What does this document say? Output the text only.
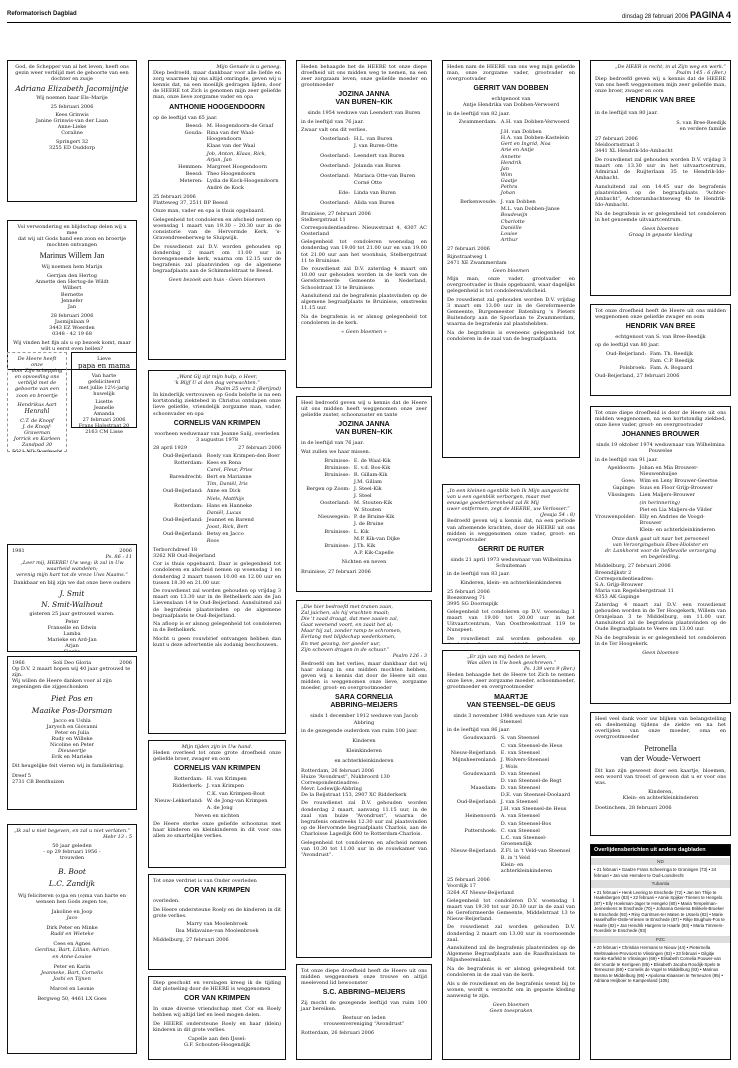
Reformatorisch Dagblad	dinsdag 28 februari 2006 PAGINA 4
God, de Schepper van al het leven, heeft ons
gezin weer verblijd met de geboorte van een
dochter en zusje
Adriana Elizabeth Jacomijntje
Wij noemen haar Els–Marije
25 februari 2006
Kees Grinwis
Janine Grinwis-van der Laan
Anne-Lieke
Coraline
Springert 32
3255 ED Ouddorp
Vol verwondering en blijdschap delen wij u mee
dat wij uit Gods hand een zoon en broertje
mochten ontvangen
Marinus Willem Jan
Wij noemen hem Marijn
Gerrjan den Hertog
Annette den Hertog-de Wildt
Wilbert
Bernette
Jennefer
Jan
28 februari 2006
Jasmijnlaan 9
3443 EZ Woerden
0348 - 42 19 68
Wij vinden het fijn als u op bezoek komt, maar
wilt u eerst even bellen?
De Heere heeft onze
door Zijn schepping
en opvoeding ons
verblijd met de
geboorte van een
zoon en broertje
Hendrikus Aart
Henrahl
C.T. de Knopf
J. de Knopf-Graveman
Jorrick en Karleen
Zandpad 30
5621 ND Dordrecht
Lieve
papa en mama
Van harte gefeliciteerd
met jullie 12½-jarig
huwelijk
Lisette
Jeanelle
Amanda
27 februari 2006
Frans Halsstraat 20
2163 CM Lisse
1981	2006
Ps. 86 : 11
„Leer mij, HEERE! Uw weg; ik zal in Uw
waarheid wandelen;
verenig mijn hart tot de vreze Uws Naams.”
Dankbaar en blij zijn we dat onze lieve ouders
J. Smit
N. Smit-Walhout
gisteren 25 jaar getrouwd waren.
Peter
Franselle en Edwin
Lamba
Marieke en Ard-Jan
Arjan
1966	Soli Deo Gloria	2006
Op D.V. 2 maart hopen wij 40 jaar getrouwd te
zijn.
Wij willen de Heere danken voor al zijn
zegeningen die zijgeschonken
Piet Pos en
Maaike Pos-Dorsman
Jacco en Ushla
Jaryoch en Giovanni
Peter en Julia
Rudy en Willeke
Nicoline en Peter
Dieuwertje
Erik en Marieke
Dit heugelijke feit vieren wij in familiekring.
Dreef 5
2731 CB Benthuizen
„Ik zal u niet begeven, en zal u niet verlaten.”
Hebr 13 : 5
50 jaar geleden
- op 29 februari 1956 -
trouwden
B. Boot
L.C. Zandijk
Wij feliciteren (o)pa en (o)ma van harte en
wensen hen Gods zegen toe,
Jakoline en Joop
Jaco
Dirk Peter en Minke
Rudd en Wieteke
Cees en Agnes
Gerdina, Bart, Lillian, Adrian
en Anne-Louise
Peter en Karin
Jeanneke, Bart, Cornelis
Joshi en Tijnen
Marcel en Leonie
Bergweg 50, 4461 LX Goes
Mijn Genade is u genoeg.

Diep bedroefd, maar dankbaar voor alle liefde en zorg waarmee hij ons altijd omringde, geven wij u kennis dat, na een moeilijk gedragen lijden, door de HEERE tot Zich is genomen mijn zeer geliefde man, onze lieve zorgzame vader en opa

ANTHONIE HOOGENDOORN

op de leeftijd van 65 jaar.

Beesd: M. Hoogendoorn-de Graaf
Gouda: Rina van der Waal-Hoogendoorn
Klaas van der Waal
Job, Anton, Klaas, Rick, Arjan, Jan
Hemmen: Margreet Hoogendoorn
Beesd: Theo Hoogendoorn
Meteren: Lydia de Kock-Hoogendoorn
André de Kock
25 februari 2006
Platteweg 37, 2511 BP Beesd

Onze man, vader en opa is thuis opgebaard.

Gelegenheid tot condoleren en afscheid nemen op woensdag 1 maart van 19.30 – 20.30 uur in de consistorie van de Hervormde Kerk, 's-Gravendreeeberweg te Sluipwijk.

De rouwdienst zal D.V. worden gehouden op donderdag 2 maart om 11.00 uur in bovengenoemde kerk, waarna om 12.15 uur de begrafenis zal plaatsvinden op de algemene begraafplaats aan de Schimmelstraat te Beesd.

Geen bezoek aan huis - Geen bloemen
„Want Gij zijt mijn hulp, o Heer,
'k Blijf U al den dag verwachten.”
Psalm 25 vers 2 (Berijmd)

In kinderlijk vertrouwen op Gods belofte is na een kortstondig ziektebed in Christus ontslapen onze lieve geliefde, vriendelijk zorgzame man, vader, schoonvader en opa

CORNELIS VAN KRIMPEN
voorheen weduwnaar van Jeanne Salij, overleden 3 augustus 1978
28 april 1929	27 februari 2006
Oud-Beijerland: Roely van Krimpen-den Boer
Rotterdam: Kees en Rena
Carel, Fleur, Priss
Barendrecht: Bert en Marianne
Tim, Daniël, Iris
Oud-Beijerland: Anne en Dick
Niels, Matthijs
Rotterdam: Hans en Hanneke
Daniël, Lucas
Oud-Beijerland: Jeannet en Barend
Joost, Rick, Bert
Oud-Beijerland: Betsy en Jacco
Roos
Terborchdreef 18
3262 NB Oud-Beijerland

Cor is thuis opgebaard. Daar is gelegenheid tot condoleren en afscheid nemen op woensdag 1 en donderdag 2 maart tussen 10.00 en 12.00 uur en tussen 18.30 en 21.00 uur.

De rouwdienst zal worden gehouden op vrijdag 3 maart om 13.30 uur in de Bethelkerk aan de Jan Lievenslaan 14 te Oud-Beijerland. Aansluitend zal de begrafenis plaatsvinden op de algemene begraafplaats te Oud-Beijerland.

Na afloop is er alsnog gelegenheid tot condoleren in de Bethelkerk.

Mocht u geen rouwbrief ontvangen hebben dan kunt u deze advertentie als zodanig beschouwen.

Mijn tijden zijn in Uw hand.

Heden overleed tot onze grote droefheid onze geliefde broer, zwager en oom

CORNELIS VAN KRIMPEN
Rotterdam: H. van Krimpen
Ridderkerk: J. van Krimpen
C.K. van Krimpen-Bout
Nieuw-Lekkerland: W. de Jong-van Krimpen
A. de Jong
Neven en nichten

De Heere sterke onze geliefde schoonzus met haar kinderen en kleinkinderen in dit voor ons allen zo smartelijke verlies.

Tot onze verdriet is van Onder overleden

COR VAN KRIMPEN

overleden.

De Heere ondersteune Roely en de kinderen in dit grote verlies.

Marry van Moolenbroek
Ilsa Midavaine-van Moolenbroek
Middelburg, 27 februari 2006

Diep geschokt en verslagen kreeg ik de tijding dat plotseling door de HEERE is weggenomen

COR VAN KRIMPEN

In onze diverse vriendschap met Cor en Roely hebben wij altijd lief en leed mogen delen.

De HEERE ondersteune Roely en haar (klein) kinderen in dit grote verlies.

Capelle aan den IJssel:
G.F. Schouten-Hoogendijk

Heden behaagde het de HEERE tot onze diepe droefheid uit ons midden weg te nemen, na een zeer zorgzaam leven, onze geliefde moeder en grootmoeder

JOZINA JANNA
VAN BUREN–KIK
sinds 1954 weduwe van Leendert van Buren

in de leeftijd van 76 jaar.

Zwaar valt ons dit verlies.

Oosterland: H.L. van Buren
J. van Buren-Otte
Oosterland: Leendert van Buren
Oosterland: Jolanda van Buren
Oosterland: Mariaca Otte-van Buren
Corné Otte
Ede: Linda van Buren
Oosterland: Alida van Buren
Bruinisse, 27 februari 2006
Stelbergstraat 11

Correspondentieadres: Nieuwstraat 4, 4307 AC Oosterland

Gelegenheid tot condoleren woensdag en donderdag van 19.00 tot 21.00 uur en van 19.00 tot 21.00 uur aan het woonhuis, Stelbergstraat 11 te Bruinisse.

De rouwdienst zal D.V. zaterdag 4 maart om 10.00 uur gehouden worden in de kerk van de Gereformeerde Gemeente in Nederland, Schoolstraat 13 te Bruinisse.

Aansluitend zal de begrafenis plaatsvinden op de algemene begraafplaats te Bruinisse, omstreeks 11.15 uur.

Na de begrafenis is er alsnog gelegenheid tot condoleren in de kerk.

« Geen bloemen »

Heel bedroefd geven wij u kennis dat de Heere uit ons midden heeft weggenomen onze zeer geliefde zuster, schoonzuster en tante

JOZINA JANNA
VAN BUREN–KIK

in de leeftijd van 76 jaar.

Wat zullen we haar missen.

Bruinisse: E. de Waal-Kik
Bruinisse: E. v.d. Bos-Kik
Bruinisse: R. Gillam-Kik
J.M. Gillam
Bergen op Zoom: J. Steel-Kik
J. Steel
Oosterland: M. Stouten-Kik
W. Stouten
Nieuwegein: P. de Bruine-Kik
J. de Bruine
Bruinisse: L. Kik
M.P. Kik-van Dijke
Bruinisse: J.Th. Kik
A.P. Kik-Capelle
Nichten en neven
Bruinisse, 27 februari 2006
„Die hier bedroefd met tranen zaan,
Zal juichen, als hij vruchten maait;
Die 't zaad draagt, dat mee zaaien zal,
Gaat weenend voort, en zaait het al;
Maar hij zal, zonder ramp te schromen,
Eerlang met blijdschap wederkomen,
En met gezang, ter goeder uur,
Zijn schoven dragen in de schuur.”
Psalm 126 : 3

Bedroefd om het verlies, maar dankbaar dat wij haar zolang in ons midden mochten hebben, geven wij u kennis dat door de Heere uit ons midden is weggenomen onze lieve, zorgzame moeder, groot- en overgrootmoeder

SARA CORNELIA
ABBRING–MEIJERS
sinds 1 december 1912 weduwe van Jacob Abbring

in de gezegende ouderdom van ruim 100 jaar.

Kinderen
Kleinkinderen
en achterkleinkinderen
Rotterdam, 26 februari 2006
Huize “Avondrust”, Nukbroord 130
Correspondentieadres:
Mevr. Lodewijk-Abbring
De la Reijstraat 153, 2907 XC Ridderkerk

De rouwdienst zal D.V. gehouden worden donderdag 2 maart, aanvang 11.15 uur, in de zaal van huize “Avondrust”, waarna de begrafenis omstreeks 12.30 uur zal plaatsvinden op de Hervormde begraafplaats Charlois, aan de Charloisse Lagedijk 600 te Rotterdam-Charlois.

Gelegenheid tot condoleren en afscheid nemen van 10.30 tot 11.00 uur in de rouwkamer van “Avondrust”.

Tot onze diepe droefheid heeft de Heere uit ons midden weggenomen onze trouwe en altijd meelevend lid bewoonster

S.C. ABBRING–MEIJERS

Zij mocht de gezegende leeftijd van ruim 100 jaar bereiken.

Bestuur en leden
vrouwenvereniging “Avondrust”
Rotterdam, 26 februari 2006

Heden nam de HEERE van ons weg mijn geliefde man, onze zorgzame vader, grootvader en overgrootvader

GERRIT VAN DOBBEN
echtgenoot van
Antje Hendrika van Dobben-Verwoerd

in de leeftijd van 82 jaar.

Zwammerdam: A.H. van Dobben-Verwoerd
J.H. van Dobben
H.A. van Dobben-Kastelein
Gert en Ingrid, Noa
Arie en Antje
Annette
Hendrik
Jan
Wim
Gaatje
Pethra
Johan
Berkenwoude: J. van Dobben
M.L. van Dobben-Janse
Boudewijn
Charlotte
Daniëlle
Louise
Arthur
27 februari 2006
Rijnstraatweg 1
2471 XE Zwammerdam
Geen bloemen

Mijn man, onze vader, grootvader en overgrootvader is thuis opgebaard, waar dagelijks gelegenheid is tot condoleren/afscheid.

De rouwdienst zal gehouden worden D.V. vrijdag 3 maart om 13.00 uur in de Gereformeerde Gemeente, Burgemeester Batenburg 's Pieters Buitendorp aan de Spoorlaan te Zwammerdam, waarna de begrafenis zal plaatshebben.

Na de begrafenis is eveneens gelegenheid tot condoleren in de zaal van de begraafplaats.

„In een kleinen ogenblik heb Ik Mijn aangezicht
van u een ogenblik verborgen, maar met
eeuwige goedertierenheid zal Ik Mij
uwer ontfermen, zegt de HEERE, uw Verlosser.”
(Jesaja 54 : 8)

Bedroefd geven wij u kennis dat, na een periode van afnemende krachten, door de HEERE uit ons midden is weggenomen onze vader, groot- en overgrootvader

GERRIT DE RUITER
sinds 21 april 1973 weduwnaar van Wilhelmina Schuiteman

in de leeftijd van 83 jaar.

Kinderen, klein- en achterkleinkinderen
25 februari 2006
Boezemweg 71
3995 SG Doornspijk

Gelegenheid tot condoleren op D.V. woensdag 1 maart van 19.00 tot 20.00 uur in het Uitvaartcentrum, Van Oostbroekstraat 119 te Nunspeet.

De rouwdienst zal worden gehouden op

„Er zijn van mij heden te leven,
Was allen in Uw boek geschreven.”
Ps. 139 vers 9 (Ber.)

Heden behaagde het de Heere tot Zich te nemen onze lieve, zeer zorgzame moeder, schoonmoeder, grootmoeder en overgrootmoeder

MAARTJE
VAN STEENSEL–DE GEUS
sinds 3 november 1986 weduwe van Arie van Steensel

in de leeftijd van 86 jaar.

Goudswaard: S. van Steensel
C. van Steensel-de Heus
Nieuw-Beijerland: E. van Steensel
Mijnsheerenland: J. Wolvers-Steensel
J. Wols
Goudswaard: D. van Steensel
D. van Steensel-de Regt
Maasdam: D. van Steensel
D.E. van Steensel-Doolaard
Oud-Beijerland: J. van Steensel
J.H. van Steensel-de Heus
Heinenoord: A. van Steensel
D. van Steensel-Bos
Puttershoek: C. van Steensel
L.C. van Steensel-Groenendijk
Nieuw-Beijerland: Z.Fl. in 't Veld-van Steensel
B. in 't Veld
Klein- en achterkleinkinderen
25 februari 2006
Voordijk 17
3264 AT Nieuw-Beijerland

Gelegenheid tot condoleren D.V. woensdag 1 maart van 19.30 tot uur 20.30 uur in de zaal van de Gereformeerde Gemeente, Middelstraat 13 te Nieuw-Beijerland.

De rouwdienst zal worden gehouden D.V. donderdag 2 maart om 13.00 uur in voornoemde zaal.

Aansluitend zal de begrafenis plaatsvinden op de Algemene Begraafplaats aan de Raadhuislaan te Mijnsheerenland.

Na de begrafenis is er alsnog gelegenheid tot condoleren in de zaal van de kerk.

Als u de rouwdienst en de begrafenis wenst bij te wonen, wordt u verzocht om in gepaste kleding aanwezig te zijn.

Geen bloemen
Geen toespraken
„De HEER is recht, in al Zijn weg en werk.”
Psalm 145 : 6 (Ber.)

Diep bedroefd geven wij u kennis dat de HEERE van ons heeft weggenomen mijn zeer geliefde man, onze broer, zwager en oom

HENDRIK VAN BREE

in de leeftijd van 80 jaar.

S. van Bree-Reedijk
en verdere familie
27 februari 2006
Meidoornstraat 3
3441 XL Hendrik-Ido-Ambacht

De rouwdienst zal gehouden worden D.V. vrijdag 3 maart om 13.30 uur in het uitvaartcentrum, Admiraal de Ruijterlaan 35 te Hendrik-Ido-Ambacht.

Aansluitend zal om 14.45 uur de begrafenis plaatsvinden op de begraafplaats “Achter-Ambacht”, Achterambachtseweg 4b te Hendrik-Ido-Ambacht.

Na de begrafenis is er gelegenheid tot condoleren in het genoemde uitvaartcentrum.

Geen bloemen
Graag in gepaste kleding

Tot onze droefheid heeft de Heere uit ons midden weggenomen onze geliefde zwager en oom

HENDRIK VAN BREE
echtgenoot van S. van Bree-Reedijk

op de leeftijd van 80 jaar.

Oud-Beijerland: Fam. Th. Reedijk
Fam. C.P. Reedijk
Polsbroek: Fam. A. Bogaard
Oud-Beijerland, 27 februari 2006

Tot onze diepe droefheid is door de Heere uit ons midden weggenomen, na een kortstondig ziekbed, onze lieve vader, groot- en overgrootvader

JOHANNES BROUWER
sinds 19 oktober 1974 weduwnaar van Wilhelmina Pouwelse

in de leeftijd van 91 jaar.

Apeldoorn: Johan en Mia Brouwer-Nieuwenhuijse
Goes: Wim en Leny Brouwer-Geertse
Gapinge: Suus en Floor Grijp-Brouwer
Vlissingen: Lien Maljers-Brouwer
(in herinnering)
Piet en Lia Maljers-de Vilder
Vrouwenpolder: Elly en Andries de Voogd-Brouwer
Klein- en achterkleinkinderen
Onze dank gaat uit naar het personeel
van Verzorgingshuis Ebes-Hiolster en
dr. Lankhorst voor de liefdevolle verzorging
en begeleiding.
Middelburg, 27 februari 2006
Breendijkstr 2
Correspondentieadres:
S.A. Grijp-Brouwer
Maria van Regelsbergstraat 11
4353 AK Gapinge

Zaterdag 4 maart zal D.V. een rouwdienst gehouden worden in de Ter Hoogekerk, Willem van Oranjelaan 3 te Middelburg, om 11.00 uur. Aansluitend zal de begrafenis plaatsvinden op de Oude Begraafplaats te Veere om 13.00 uur.

Na de begrafenis is er gelegenheid tot condoleren in de Ter Hoogekerk.

Geen bloemen

Heel veel dank voor uw blijken van belangstelling en deelneming tijdens de ziekte en na het overlijden van onze moeder, oma en overgrootmoeder

Petronella
van der Woude-Verwoert

Dit kan zijn geweest door een kaartje, bloemen, een woord van troost of gewoon dat u er voor ons was.

Kinderen,
Klein- en achterkleinkinderen
Doetinchem, 28 februari 2006
Overlijdensberichten uit andere dagbladen
ND

• 21 februari • Gaatze Frans Scheeringa te Groningen (73) • 24 februari • Jan van Hemden te Oud-Loosdrecht

Tubantia

• 21 februari • Henk Leering te Enschede (72) • Jan ten Thije te Haaksbergen (83) • 22 februari • Annie Spijker-Trienen te Hengelo (87) • Elly Hoekman-Jager te Hengelo (80) • Maria Tempelman-Jenneskens te Enschede (70) • Johanna Gesiena Brikkels-Broeker te Enschede (92) • Riny Garritsen-ter Maten te Usselo (82) • Marie Haselhoffer-Ostle-Vriesen te Enschede (87) • Rikje Brughuis-Fox te Haarle (82) • Jan Hendrik Hargens te Haarle (83) • Maria Timmers-Roerdink te Enschede (93)

PZC

• 20 februari • Christian Hermans te Nieuw (44) • Pieternella Weltmaakes-Provoost te Vlissingen (82) • 23 februari • Gilgitje Kunks-Karfeld te Vlissingen (69) • Elisabeth Cornelia Pouwer-van der Voorde te Kerrigeen (85) • Elisabeth Jacoba Roodijk-Spels te Terneuzen (69) • Cornelis de Vogel te Middelburg (93) • Marinus Bosma te Middelburg (95) • Apolonia Klaassen te Terneuzen (95) • Adriana Heijboer te Kampenland (105)
